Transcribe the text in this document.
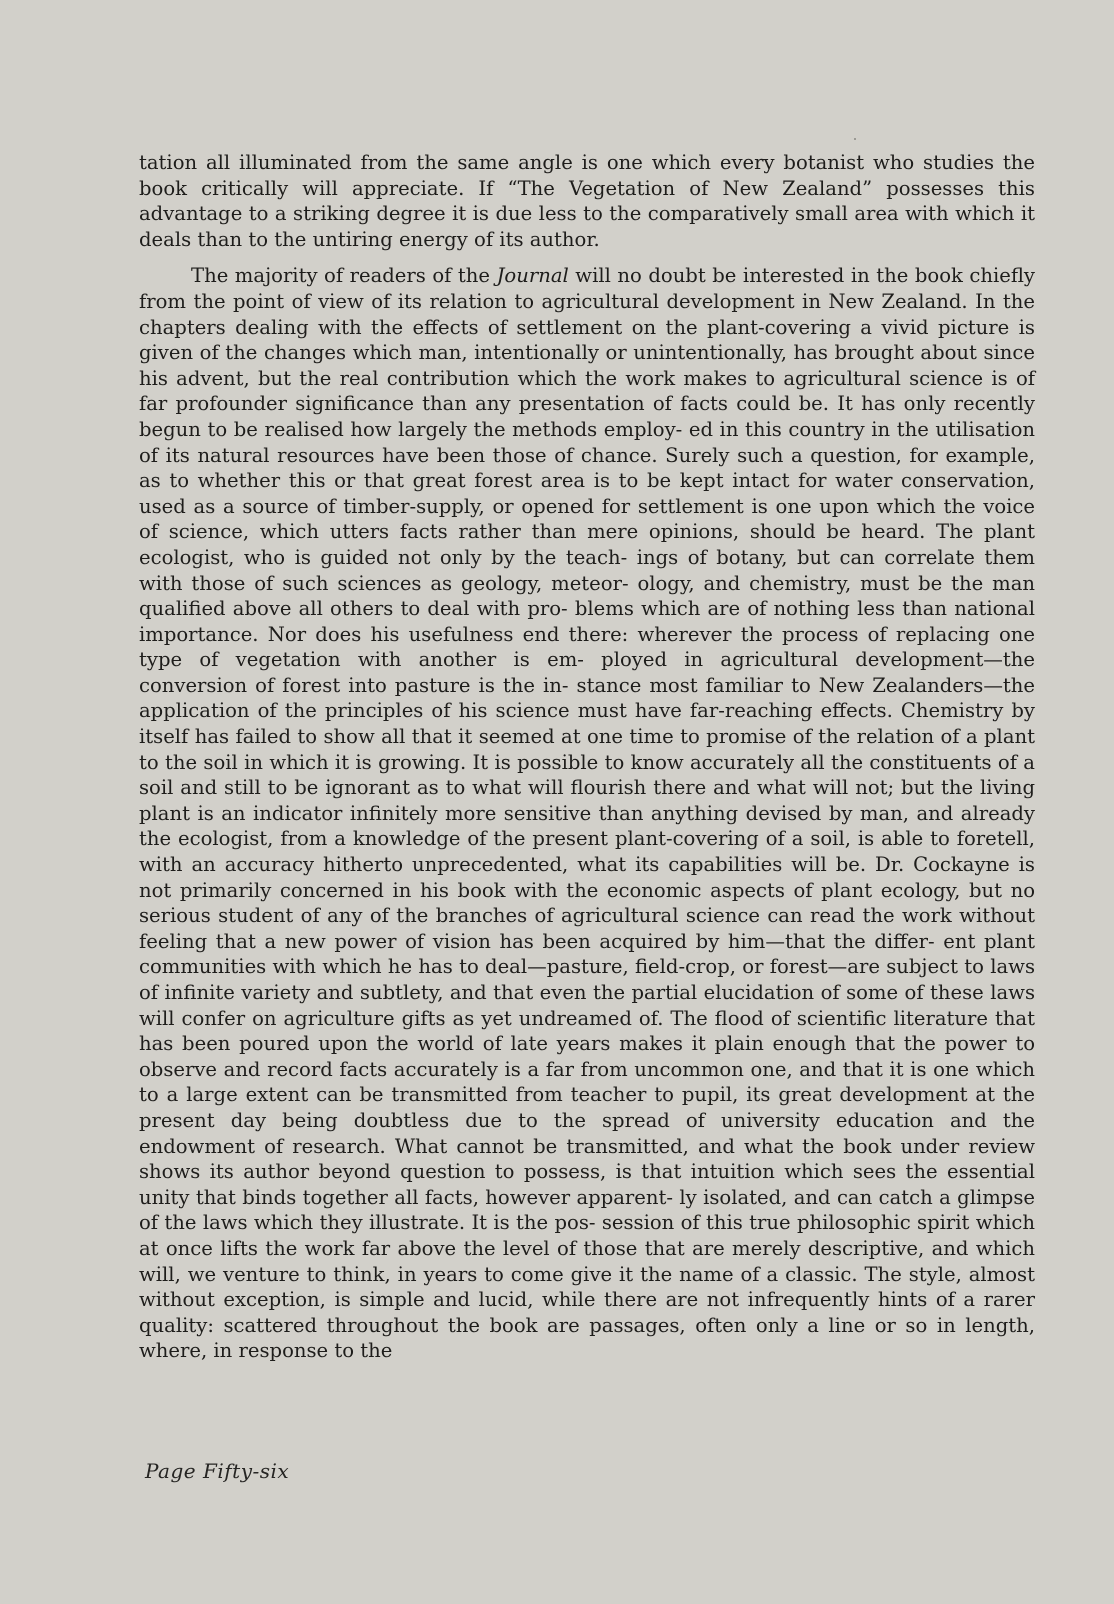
tation all illuminated from the same angle is one which every botanist who studies the book critically will appreciate. If “The Vegetation of New Zealand” possesses this advantage to a striking degree it is due less to the comparatively small area with which it deals than to the untiring energy of its author.

The majority of readers of the Journal will no doubt be interested in the book chiefly from the point of view of its relation to agricultural development in New Zealand. In the chapters dealing with the effects of settlement on the plant-covering a vivid picture is given of the changes which man, intentionally or unintentionally, has brought about since his advent, but the real contribution which the work makes to agricultural science is of far profounder significance than any presentation of facts could be. It has only recently begun to be realised how largely the methods employ- ed in this country in the utilisation of its natural resources have been those of chance. Surely such a question, for example, as to whether this or that great forest area is to be kept intact for water conservation, used as a source of timber-supply, or opened for settlement is one upon which the voice of science, which utters facts rather than mere opinions, should be heard. The plant ecologist, who is guided not only by the teach- ings of botany, but can correlate them with those of such sciences as geology, meteor- ology, and chemistry, must be the man qualified above all others to deal with pro- blems which are of nothing less than national importance. Nor does his usefulness end there: wherever the process of replacing one type of vegetation with another is em- ployed in agricultural development—the conversion of forest into pasture is the in- stance most familiar to New Zealanders—the application of the principles of his science must have far-reaching effects. Chemistry by itself has failed to show all that it seemed at one time to promise of the relation of a plant to the soil in which it is growing. It is possible to know accurately all the constituents of a soil and still to be ignorant as to what will flourish there and what will not; but the living plant is an indicator infinitely more sensitive than anything devised by man, and already the ecologist, from a knowledge of the present plant-covering of a soil, is able to foretell, with an accuracy hitherto unprecedented, what its capabilities will be. Dr. Cockayne is not primarily concerned in his book with the economic aspects of plant ecology, but no serious student of any of the branches of agricultural science can read the work without feeling that a new power of vision has been acquired by him—that the differ- ent plant communities with which he has to deal—pasture, field-crop, or forest—are subject to laws of infinite variety and subtlety, and that even the partial elucidation of some of these laws will confer on agriculture gifts as yet undreamed of. The flood of scientific literature that has been poured upon the world of late years makes it plain enough that the power to observe and record facts accurately is a far from uncommon one, and that it is one which to a large extent can be transmitted from teacher to pupil, its great development at the present day being doubtless due to the spread of university education and the endowment of research. What cannot be transmitted, and what the book under review shows its author beyond question to possess, is that intuition which sees the essential unity that binds together all facts, however apparent- ly isolated, and can catch a glimpse of the laws which they illustrate. It is the pos- session of this true philosophic spirit which at once lifts the work far above the level of those that are merely descriptive, and which will, we venture to think, in years to come give it the name of a classic. The style, almost without exception, is simple and lucid, while there are not infrequently hints of a rarer quality: scattered throughout the book are passages, often only a line or so in length, where, in response to the

Page Fifty-six
